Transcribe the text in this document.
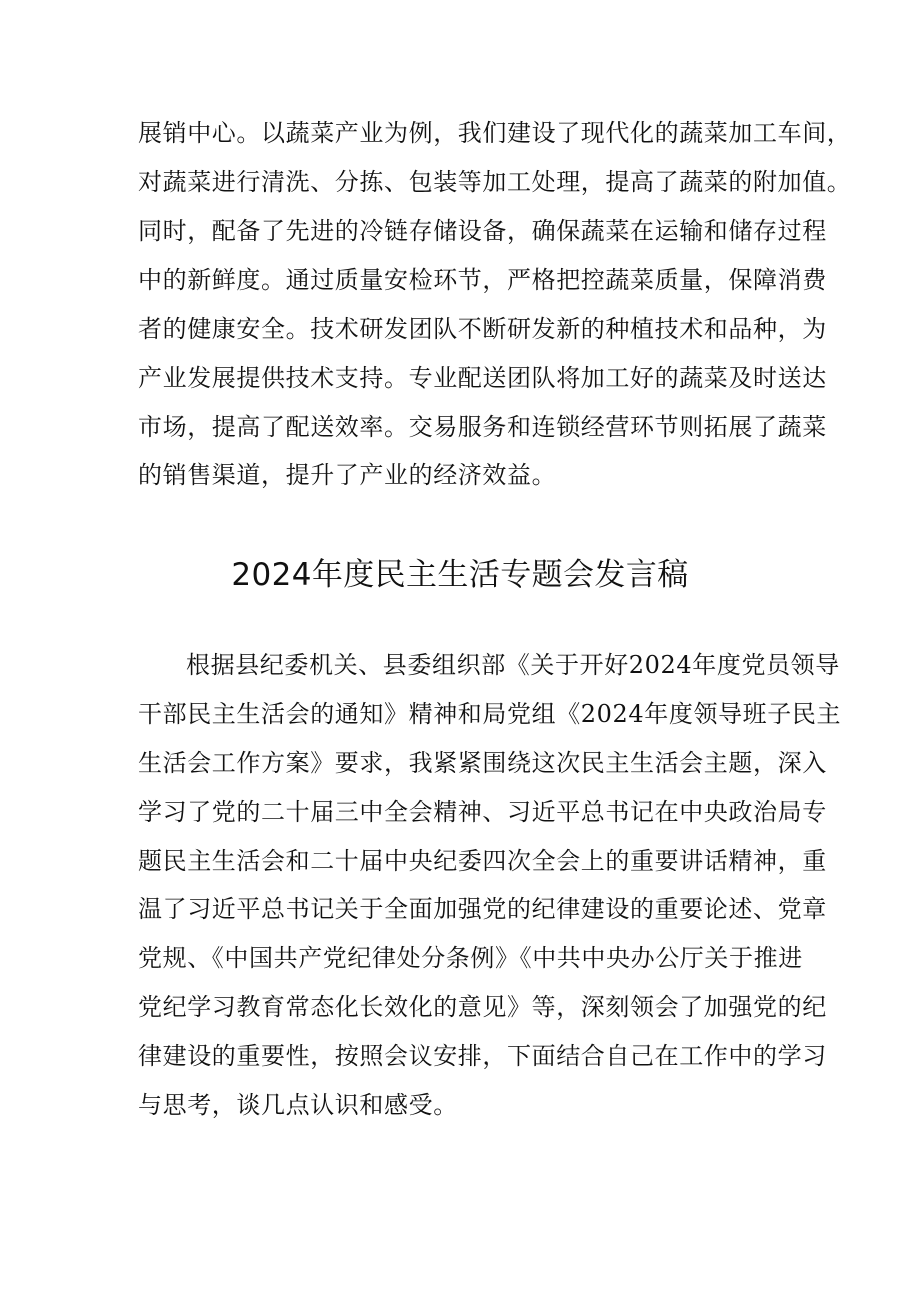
展销中心。以蔬菜产业为例，我们建设了现代化的蔬菜加工车间，
对蔬菜进行清洗、分拣、包装等加工处理，提高了蔬菜的附加值。
同时，配备了先进的冷链存储设备，确保蔬菜在运输和储存过程
中的新鲜度。通过质量安检环节，严格把控蔬菜质量，保障消费
者的健康安全。技术研发团队不断研发新的种植技术和品种，为
产业发展提供技术支持。专业配送团队将加工好的蔬菜及时送达
市场，提高了配送效率。交易服务和连锁经营环节则拓展了蔬菜
的销售渠道，提升了产业的经济效益。
2024年度民主生活专题会发言稿
根据县纪委机关、县委组织部《关于开好2024年度党员领导
干部民主生活会的通知》精神和局党组《2024年度领导班子民主
生活会工作方案》要求，我紧紧围绕这次民主生活会主题，深入
学习了党的二十届三中全会精神、习近平总书记在中央政治局专
题民主生活会和二十届中央纪委四次全会上的重要讲话精神，重
温了习近平总书记关于全面加强党的纪律建设的重要论述、党章
党规、《中国共产党纪律处分条例》《中共中央办公厅关于推进
党纪学习教育常态化长效化的意见》等，深刻领会了加强党的纪
律建设的重要性，按照会议安排，下面结合自己在工作中的学习
与思考，谈几点认识和感受。
